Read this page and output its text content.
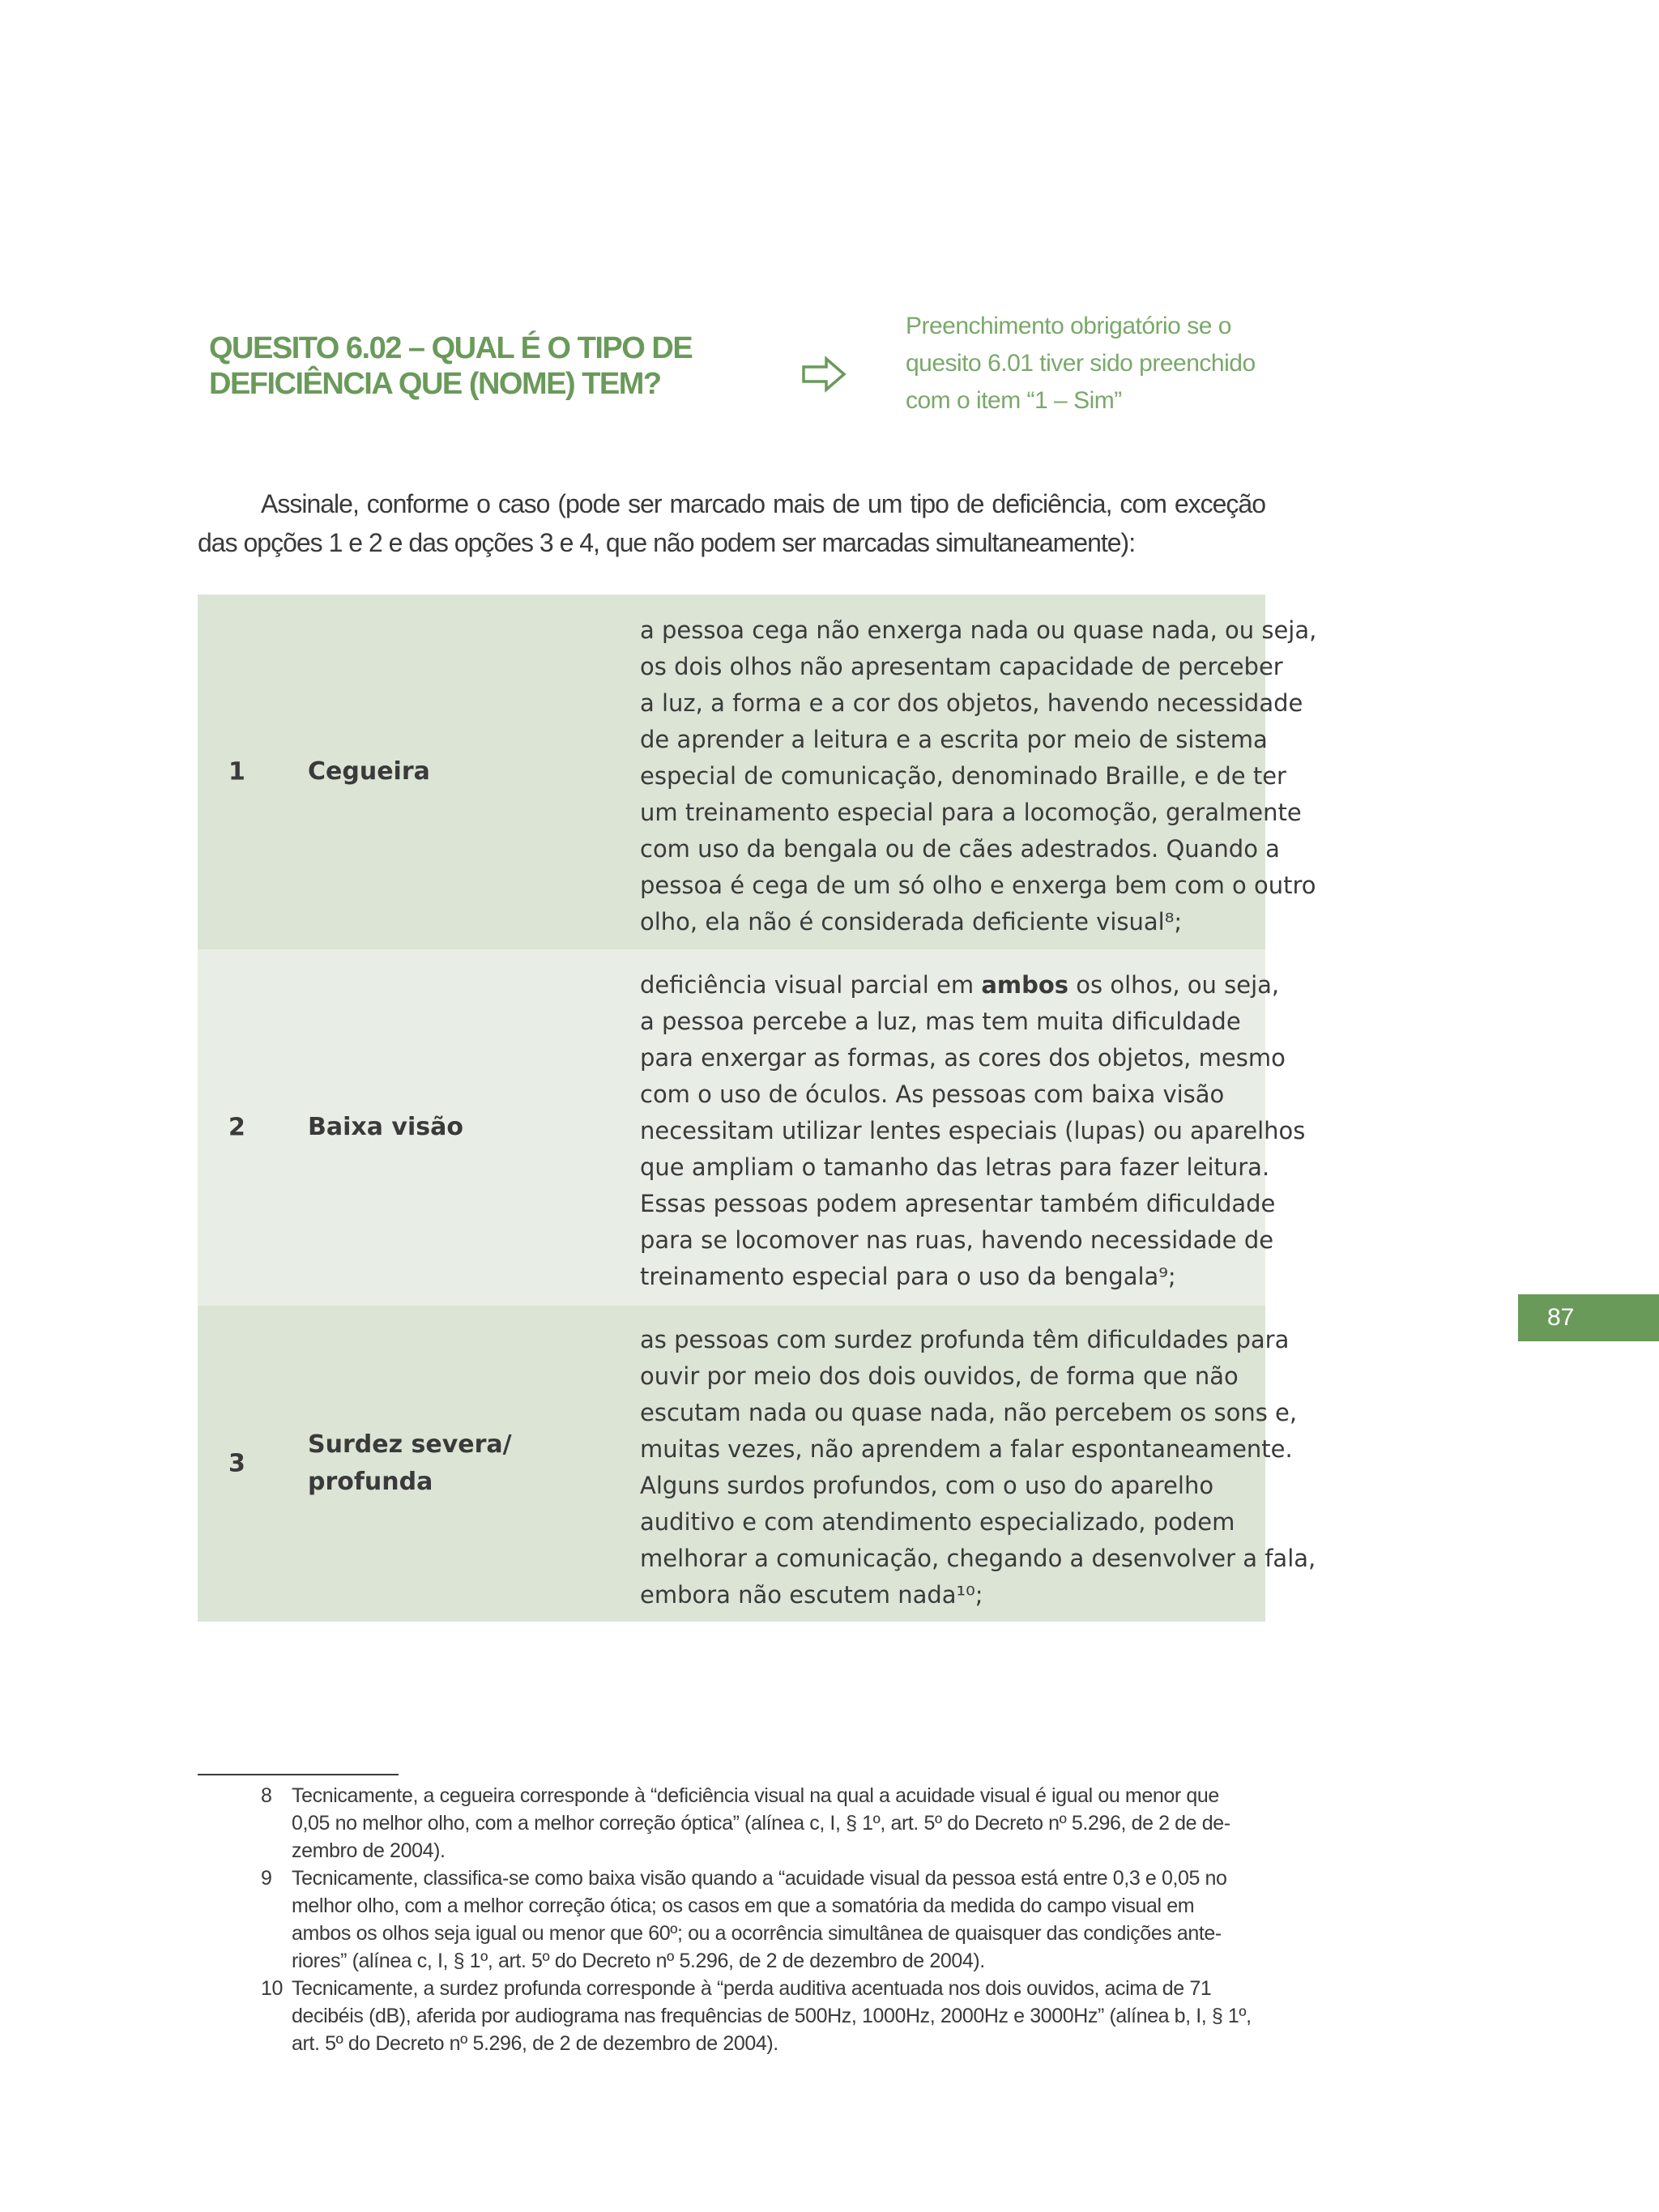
QUESITO 6.02 – QUAL É O TIPO DE
DEFICIÊNCIA QUE (NOME) TEM?
Preenchimento obrigatório se o
quesito 6.01 tiver sido preenchido
com o item “1 – Sim”

Assinale, conforme o caso (pode ser marcado mais de um tipo de deficiência, com exceção das opções 1 e 2 e das opções 3 e 4, que não podem ser marcadas simultaneamente):

1	Cegueira
a pessoa cega não enxerga nada ou quase nada, ou seja,
os dois olhos não apresentam capacidade de perceber
a luz, a forma e a cor dos objetos, havendo necessidade
de aprender a leitura e a escrita por meio de sistema
especial de comunicação, denominado Braille, e de ter
um treinamento especial para a locomoção, geralmente
com uso da bengala ou de cães adestrados. Quando a
pessoa é cega de um só olho e enxerga bem com o outro
olho, ela não é considerada deficiente visual⁸;
2	Baixa visão
deficiência visual parcial em ambos os olhos, ou seja,
a pessoa percebe a luz, mas tem muita dificuldade
para enxergar as formas, as cores dos objetos, mesmo
com o uso de óculos. As pessoas com baixa visão
necessitam utilizar lentes especiais (lupas) ou aparelhos
que ampliam o tamanho das letras para fazer leitura.
Essas pessoas podem apresentar também dificuldade
para se locomover nas ruas, havendo necessidade de
treinamento especial para o uso da bengala⁹;
3
Surdez severa/
profunda
as pessoas com surdez profunda têm dificuldades para
ouvir por meio dos dois ouvidos, de forma que não
escutam nada ou quase nada, não percebem os sons e,
muitas vezes, não aprendem a falar espontaneamente.
Alguns surdos profundos, com o uso do aparelho
auditivo e com atendimento especializado, podem
melhorar a comunicação, chegando a desenvolver a fala,
embora não escutem nada¹⁰;
87
8 Tecnicamente, a cegueira corresponde à “deficiência visual na qual a acuidade visual é igual ou menor que
0,05 no melhor olho, com a melhor correção óptica” (alínea c, I, § 1º, art. 5º do Decreto nº 5.296, de 2 de de-
zembro de 2004).
9 Tecnicamente, classifica-se como baixa visão quando a “acuidade visual da pessoa está entre 0,3 e 0,05 no
melhor olho, com a melhor correção ótica; os casos em que a somatória da medida do campo visual em
ambos os olhos seja igual ou menor que 60º; ou a ocorrência simultânea de quaisquer das condições ante-
riores” (alínea c, I, § 1º, art. 5º do Decreto nº 5.296, de 2 de dezembro de 2004).
10 Tecnicamente, a surdez profunda corresponde à “perda auditiva acentuada nos dois ouvidos, acima de 71
decibéis (dB), aferida por audiograma nas frequências de 500Hz, 1000Hz, 2000Hz e 3000Hz” (alínea b, I, § 1º,
art. 5º do Decreto nº 5.296, de 2 de dezembro de 2004).
